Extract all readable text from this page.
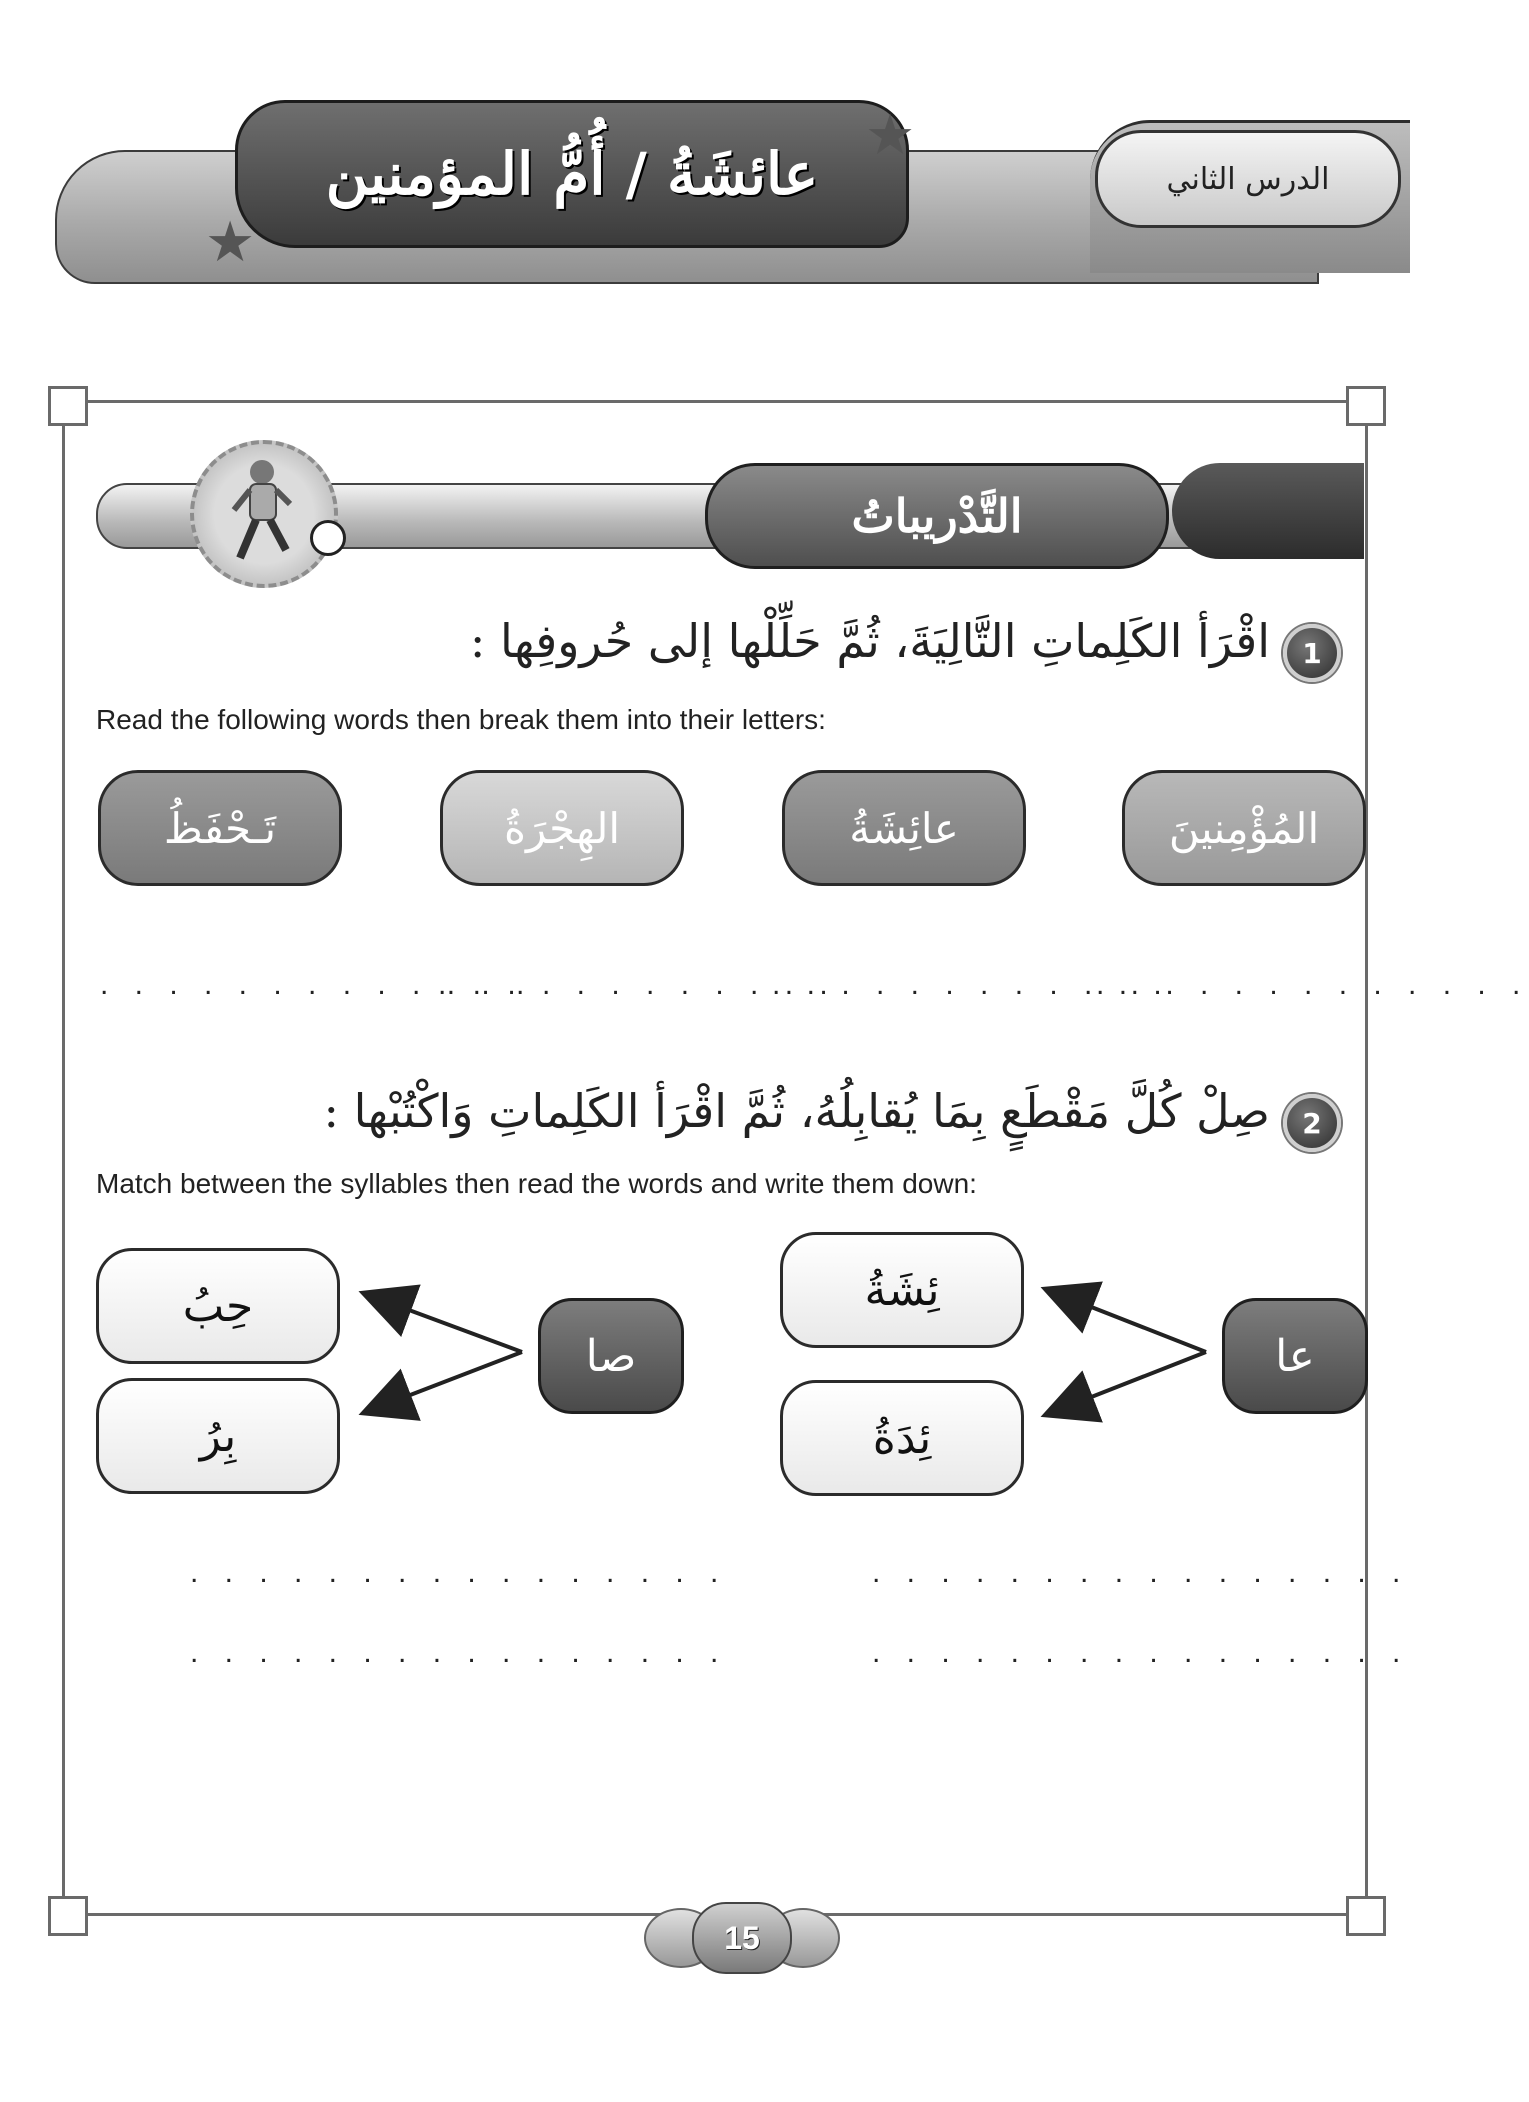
الدرس الثاني
عائشَةُ / أُمُّ المؤمنين
★
★
التَّدْريباتُ
1
اقْرَأ الكَلِماتِ التَّالِيَةَ، ثُمَّ حَلِّلْها إلى حُروفِها :
Read the following words then break them into their letters:
المُؤْمِنينَ
عائِشَةُ
الهِجْرَةُ
تَـحْفَظُ
. . . . . . . . . . . . .
. . . . . . . . . . . .
. . . . . . . . . . . .
. . . . . . . . . . . . .
2
صِلْ كُلَّ مَقْطَعٍ بِمَا يُقابِلُهُ، ثُمَّ اقْرَأ الكَلِماتِ وَاكْتُبْها :
Match between the syllables then read the words and write them down:
ئِشَةُ
ئِدَةُ
عا
حِبُ
بِرُ
صا
. . . . . . . . . . . . . . . .
. . . . . . . . . . . . . . . .
. . . . . . . . . . . . . . . .
. . . . . . . . . . . . . . . .
15
